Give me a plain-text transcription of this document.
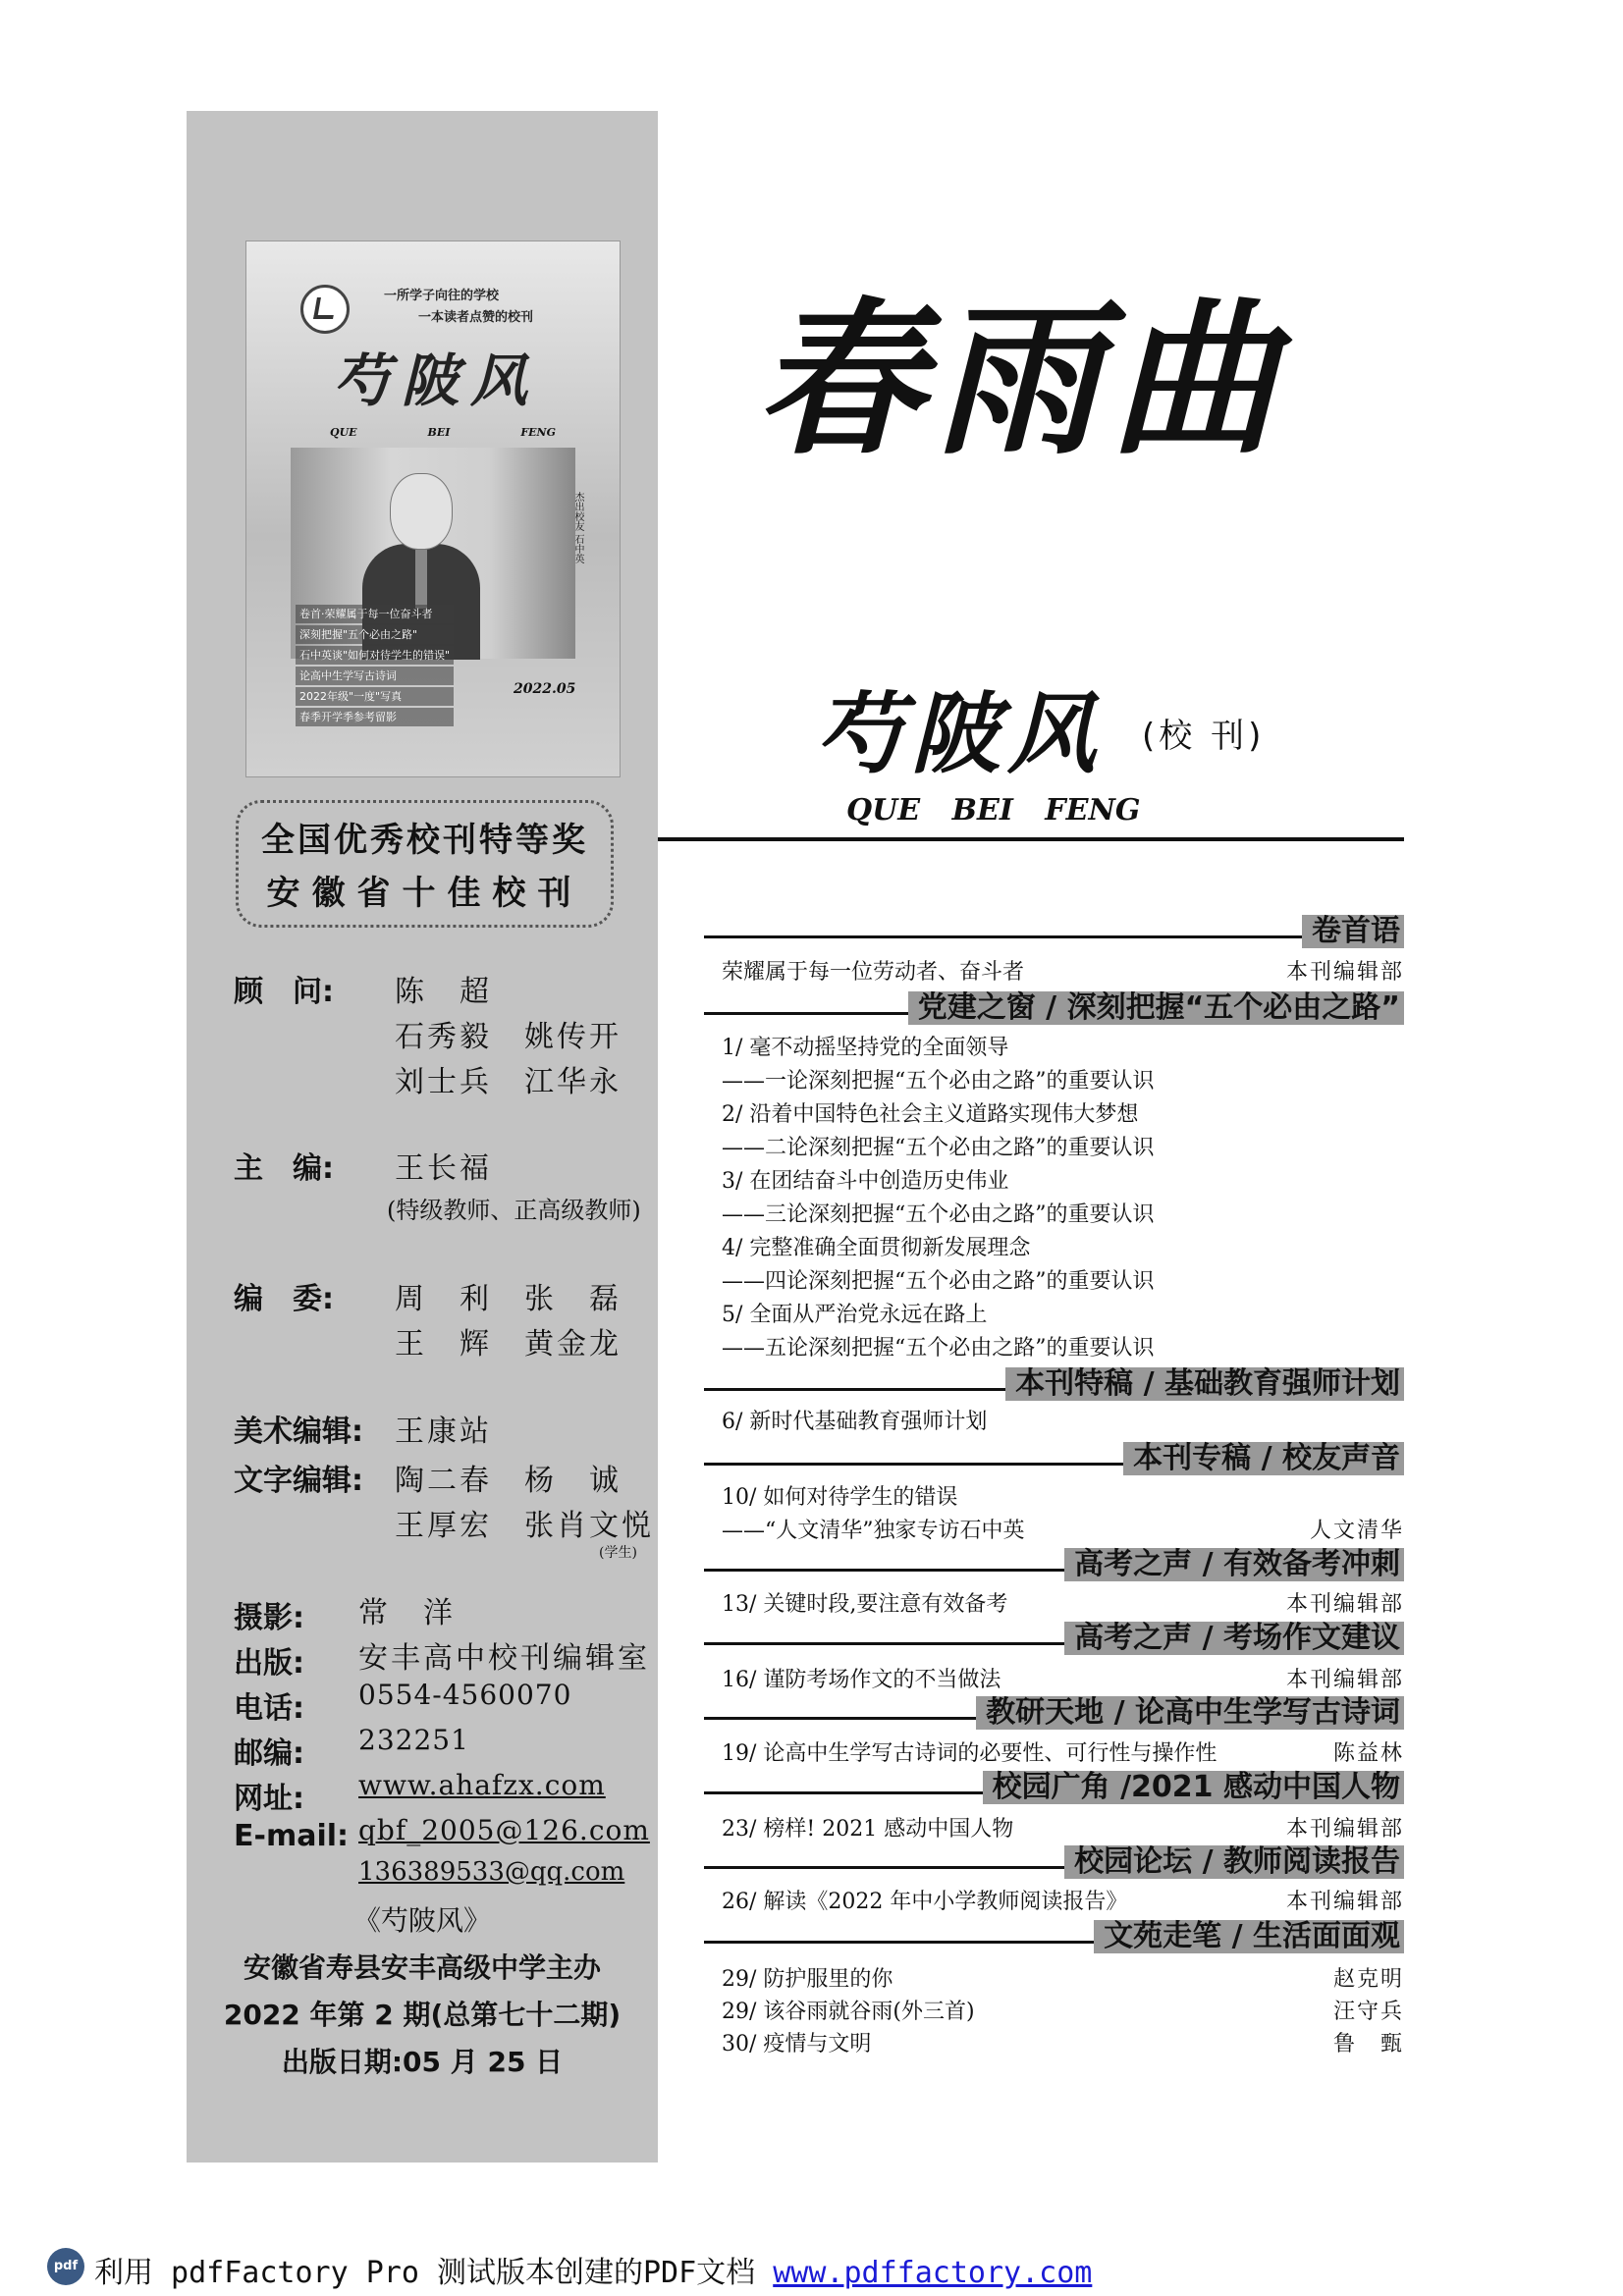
一所学子向往的学校
一本读者点赞的校刊
芍陂风
QUE	BEI	FENG
杰出校友 石中英
卷首·荣耀属于每一位奋斗者
深刻把握"五个必由之路"
石中英谈"如何对待学生的错误"
论高中生学写古诗词
2022年级"一度"写真
春季开学季参考留影
2022.05
全国优秀校刊特等奖
安徽省十佳校刊
顾　问: 陈　超
石秀毅　姚传开
刘士兵　江华永
主　编: 王长福
(特级教师、正高级教师)
编　委: 周　利　张　磊
王　辉　黄金龙
美术编辑: 王康站
文字编辑: 陶二春　杨　诚
王厚宏　张肖文悦
(学生)
摄影: 常　洋
出版: 安丰高中校刊编辑室
电话: 0554-4560070
邮编: 232251
网址: www.ahafzx.com
E-mail: qbf_2005@126.com
136389533@qq.com
《芍陂风》
安徽省寿县安丰高级中学主办
2022 年第 2 期(总第七十二期)
出版日期:05 月 25 日
春雨曲
芍陂风 (校 刊)
QUE BEI FENG
卷首语
荣耀属于每一位劳动者、奋斗者	本刊编辑部
党建之窗 / 深刻把握“五个必由之路”
1/ 毫不动摇坚持党的全面领导
——一论深刻把握“五个必由之路”的重要认识
2/ 沿着中国特色社会主义道路实现伟大梦想
——二论深刻把握“五个必由之路”的重要认识
3/ 在团结奋斗中创造历史伟业
——三论深刻把握“五个必由之路”的重要认识
4/ 完整准确全面贯彻新发展理念
——四论深刻把握“五个必由之路”的重要认识
5/ 全面从严治党永远在路上
——五论深刻把握“五个必由之路”的重要认识
本刊特稿 / 基础教育强师计划
6/ 新时代基础教育强师计划
本刊专稿 / 校友声音
10/ 如何对待学生的错误
——“人文清华”独家专访石中英	人文清华
高考之声 / 有效备考冲刺
13/ 关键时段,要注意有效备考	本刊编辑部
高考之声 / 考场作文建议
16/ 谨防考场作文的不当做法	本刊编辑部
教研天地 / 论高中生学写古诗词
19/ 论高中生学写古诗词的必要性、可行性与操作性	陈益林
校园广角 /2021 感动中国人物
23/ 榜样! 2021 感动中国人物	本刊编辑部
校园论坛 / 教师阅读报告
26/ 解读《2022 年中小学教师阅读报告》	本刊编辑部
文苑走笔 / 生活面面观
29/ 防护服里的你	赵克明
29/ 该谷雨就谷雨(外三首)	汪守兵
30/ 疫情与文明	鲁　甄
pdf 利用 pdfFactory Pro 测试版本创建的PDF文档 www.pdffactory.com
